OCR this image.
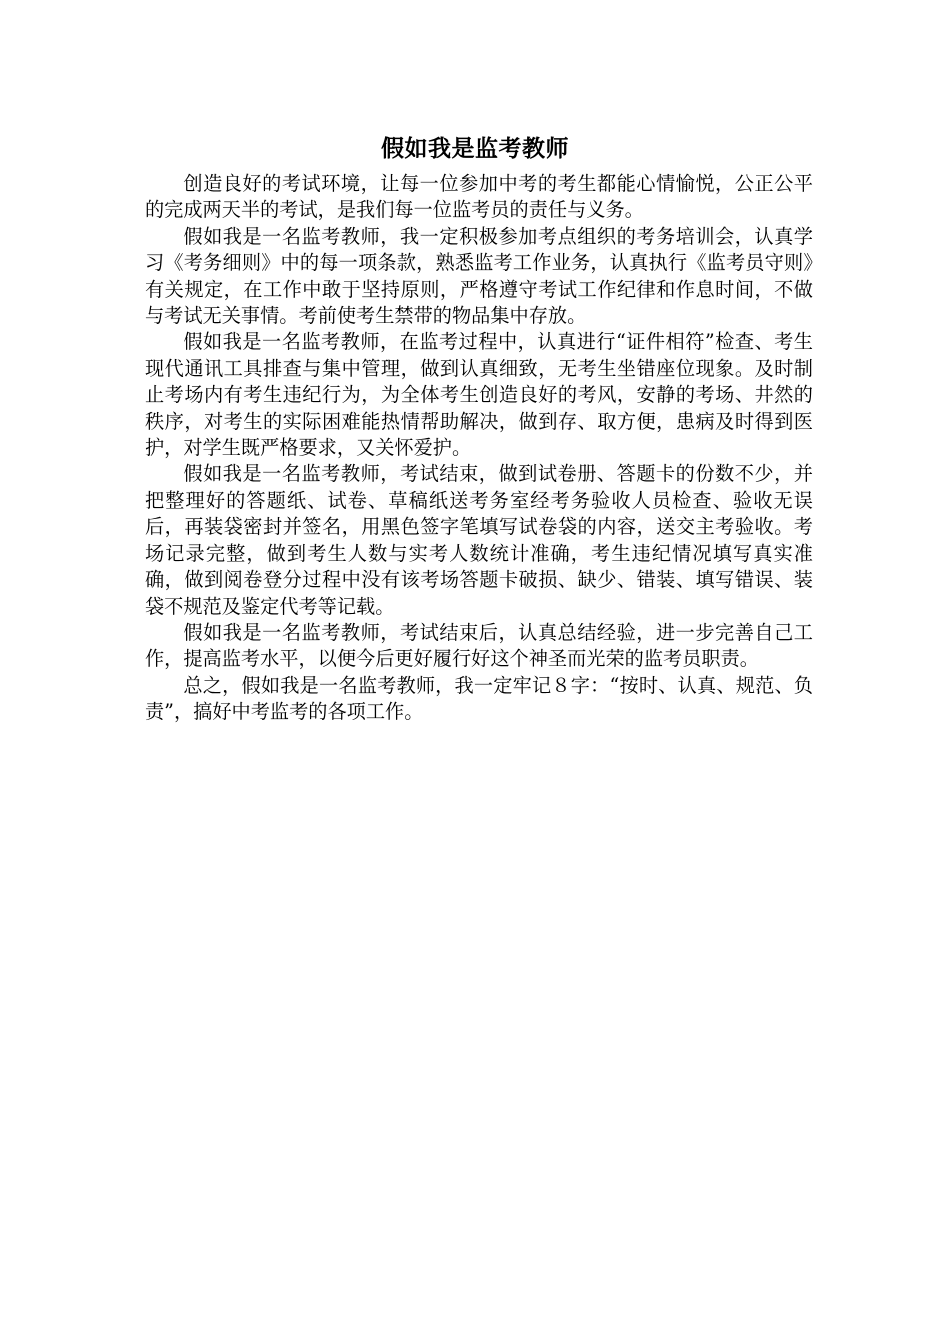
假如我是监考教师

创造良好的考试环境，让每一位参加中考的考生都能心情愉悦，公正公平的完成两天半的考试，是我们每一位监考员的责任与义务。

假如我是一名监考教师，我一定积极参加考点组织的考务培训会，认真学习《考务细则》中的每一项条款，熟悉监考工作业务，认真执行《监考员守则》有关规定，在工作中敢于坚持原则，严格遵守考试工作纪律和作息时间，不做与考试无关事情。考前使考生禁带的物品集中存放。

假如我是一名监考教师，在监考过程中，认真进行“证件相符”检查、考生现代通讯工具排查与集中管理，做到认真细致，无考生坐错座位现象。及时制止考场内有考生违纪行为，为全体考生创造良好的考风，安静的考场、井然的秩序，对考生的实际困难能热情帮助解决，做到存、取方便，患病及时得到医护，对学生既严格要求，又关怀爱护。

假如我是一名监考教师，考试结束，做到试卷册、答题卡的份数不少，并把整理好的答题纸、试卷、草稿纸送考务室经考务验收人员检查、验收无误后，再装袋密封并签名，用黑色签字笔填写试卷袋的内容，送交主考验收。考场记录完整，做到考生人数与实考人数统计准确，考生违纪情况填写真实准确，做到阅卷登分过程中没有该考场答题卡破损、缺少、错装、填写错误、装袋不规范及鉴定代考等记载。

假如我是一名监考教师，考试结束后，认真总结经验，进一步完善自己工作，提高监考水平，以便今后更好履行好这个神圣而光荣的监考员职责。

总之，假如我是一名监考教师，我一定牢记８字：“按时、认真、规范、负责”，搞好中考监考的各项工作。
